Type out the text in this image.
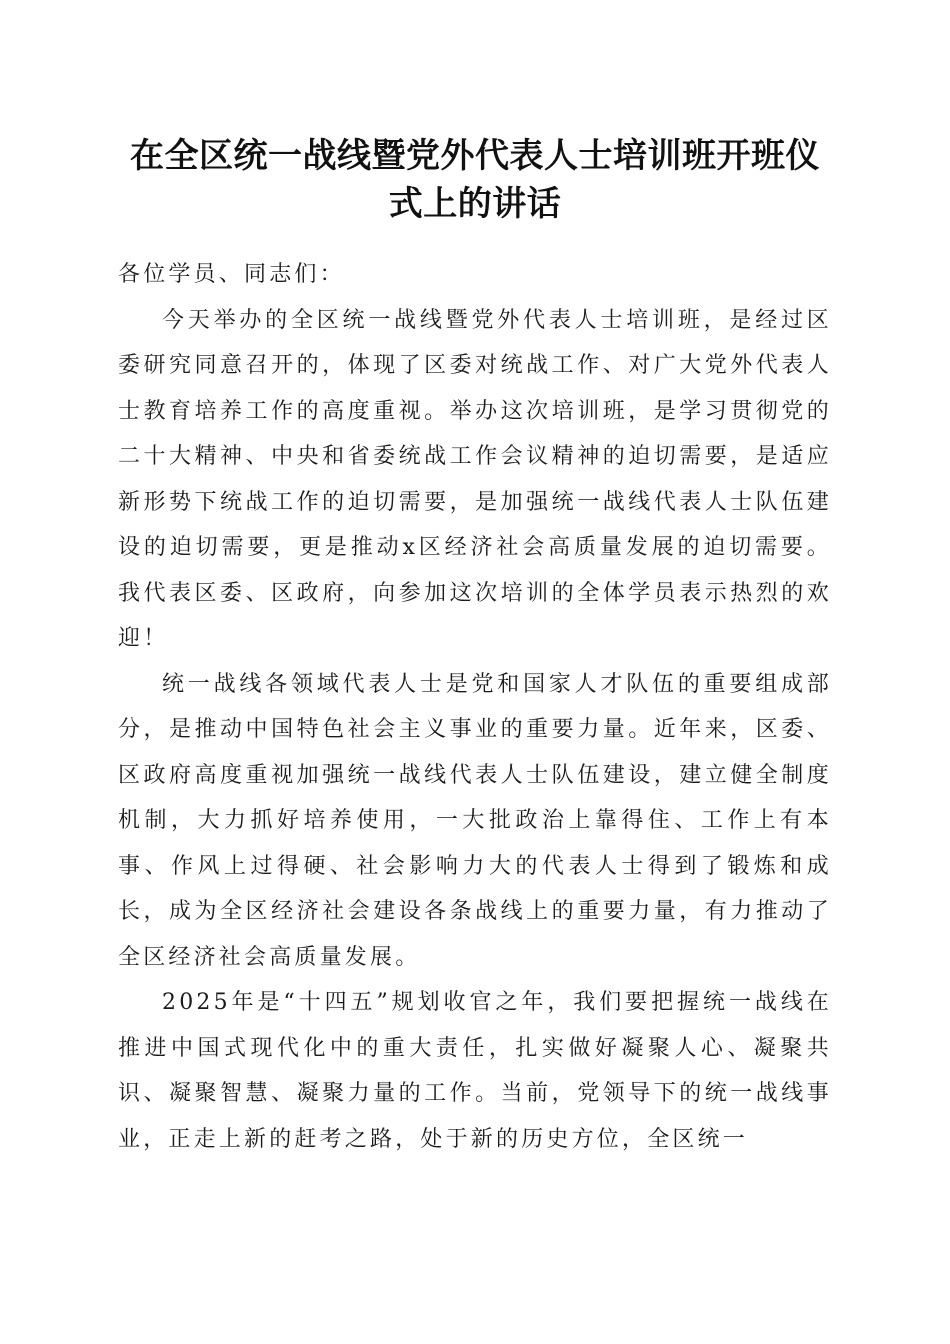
在全区统一战线暨党外代表人士培训班开班仪
式上的讲话

各位学员、同志们：

今天举办的全区统一战线暨党外代表人士培训班，是经过区委研究同意召开的，体现了区委对统战工作、对广大党外代表人士教育培养工作的高度重视。举办这次培训班，是学习贯彻党的二十大精神、中央和省委统战工作会议精神的迫切需要，是适应新形势下统战工作的迫切需要，是加强统一战线代表人士队伍建设的迫切需要，更是推动x区经济社会高质量发展的迫切需要。我代表区委、区政府，向参加这次培训的全体学员表示热烈的欢迎！

统一战线各领域代表人士是党和国家人才队伍的重要组成部分，是推动中国特色社会主义事业的重要力量。近年来，区委、区政府高度重视加强统一战线代表人士队伍建设，建立健全制度机制，大力抓好培养使用，一大批政治上靠得住、工作上有本事、作风上过得硬、社会影响力大的代表人士得到了锻炼和成长，成为全区经济社会建设各条战线上的重要力量，有力推动了全区经济社会高质量发展。

2025年是“十四五”规划收官之年，我们要把握统一战线在推进中国式现代化中的重大责任，扎实做好凝聚人心、凝聚共识、凝聚智慧、凝聚力量的工作。当前，党领导下的统一战线事业，正走上新的赶考之路，处于新的历史方位，全区统一
